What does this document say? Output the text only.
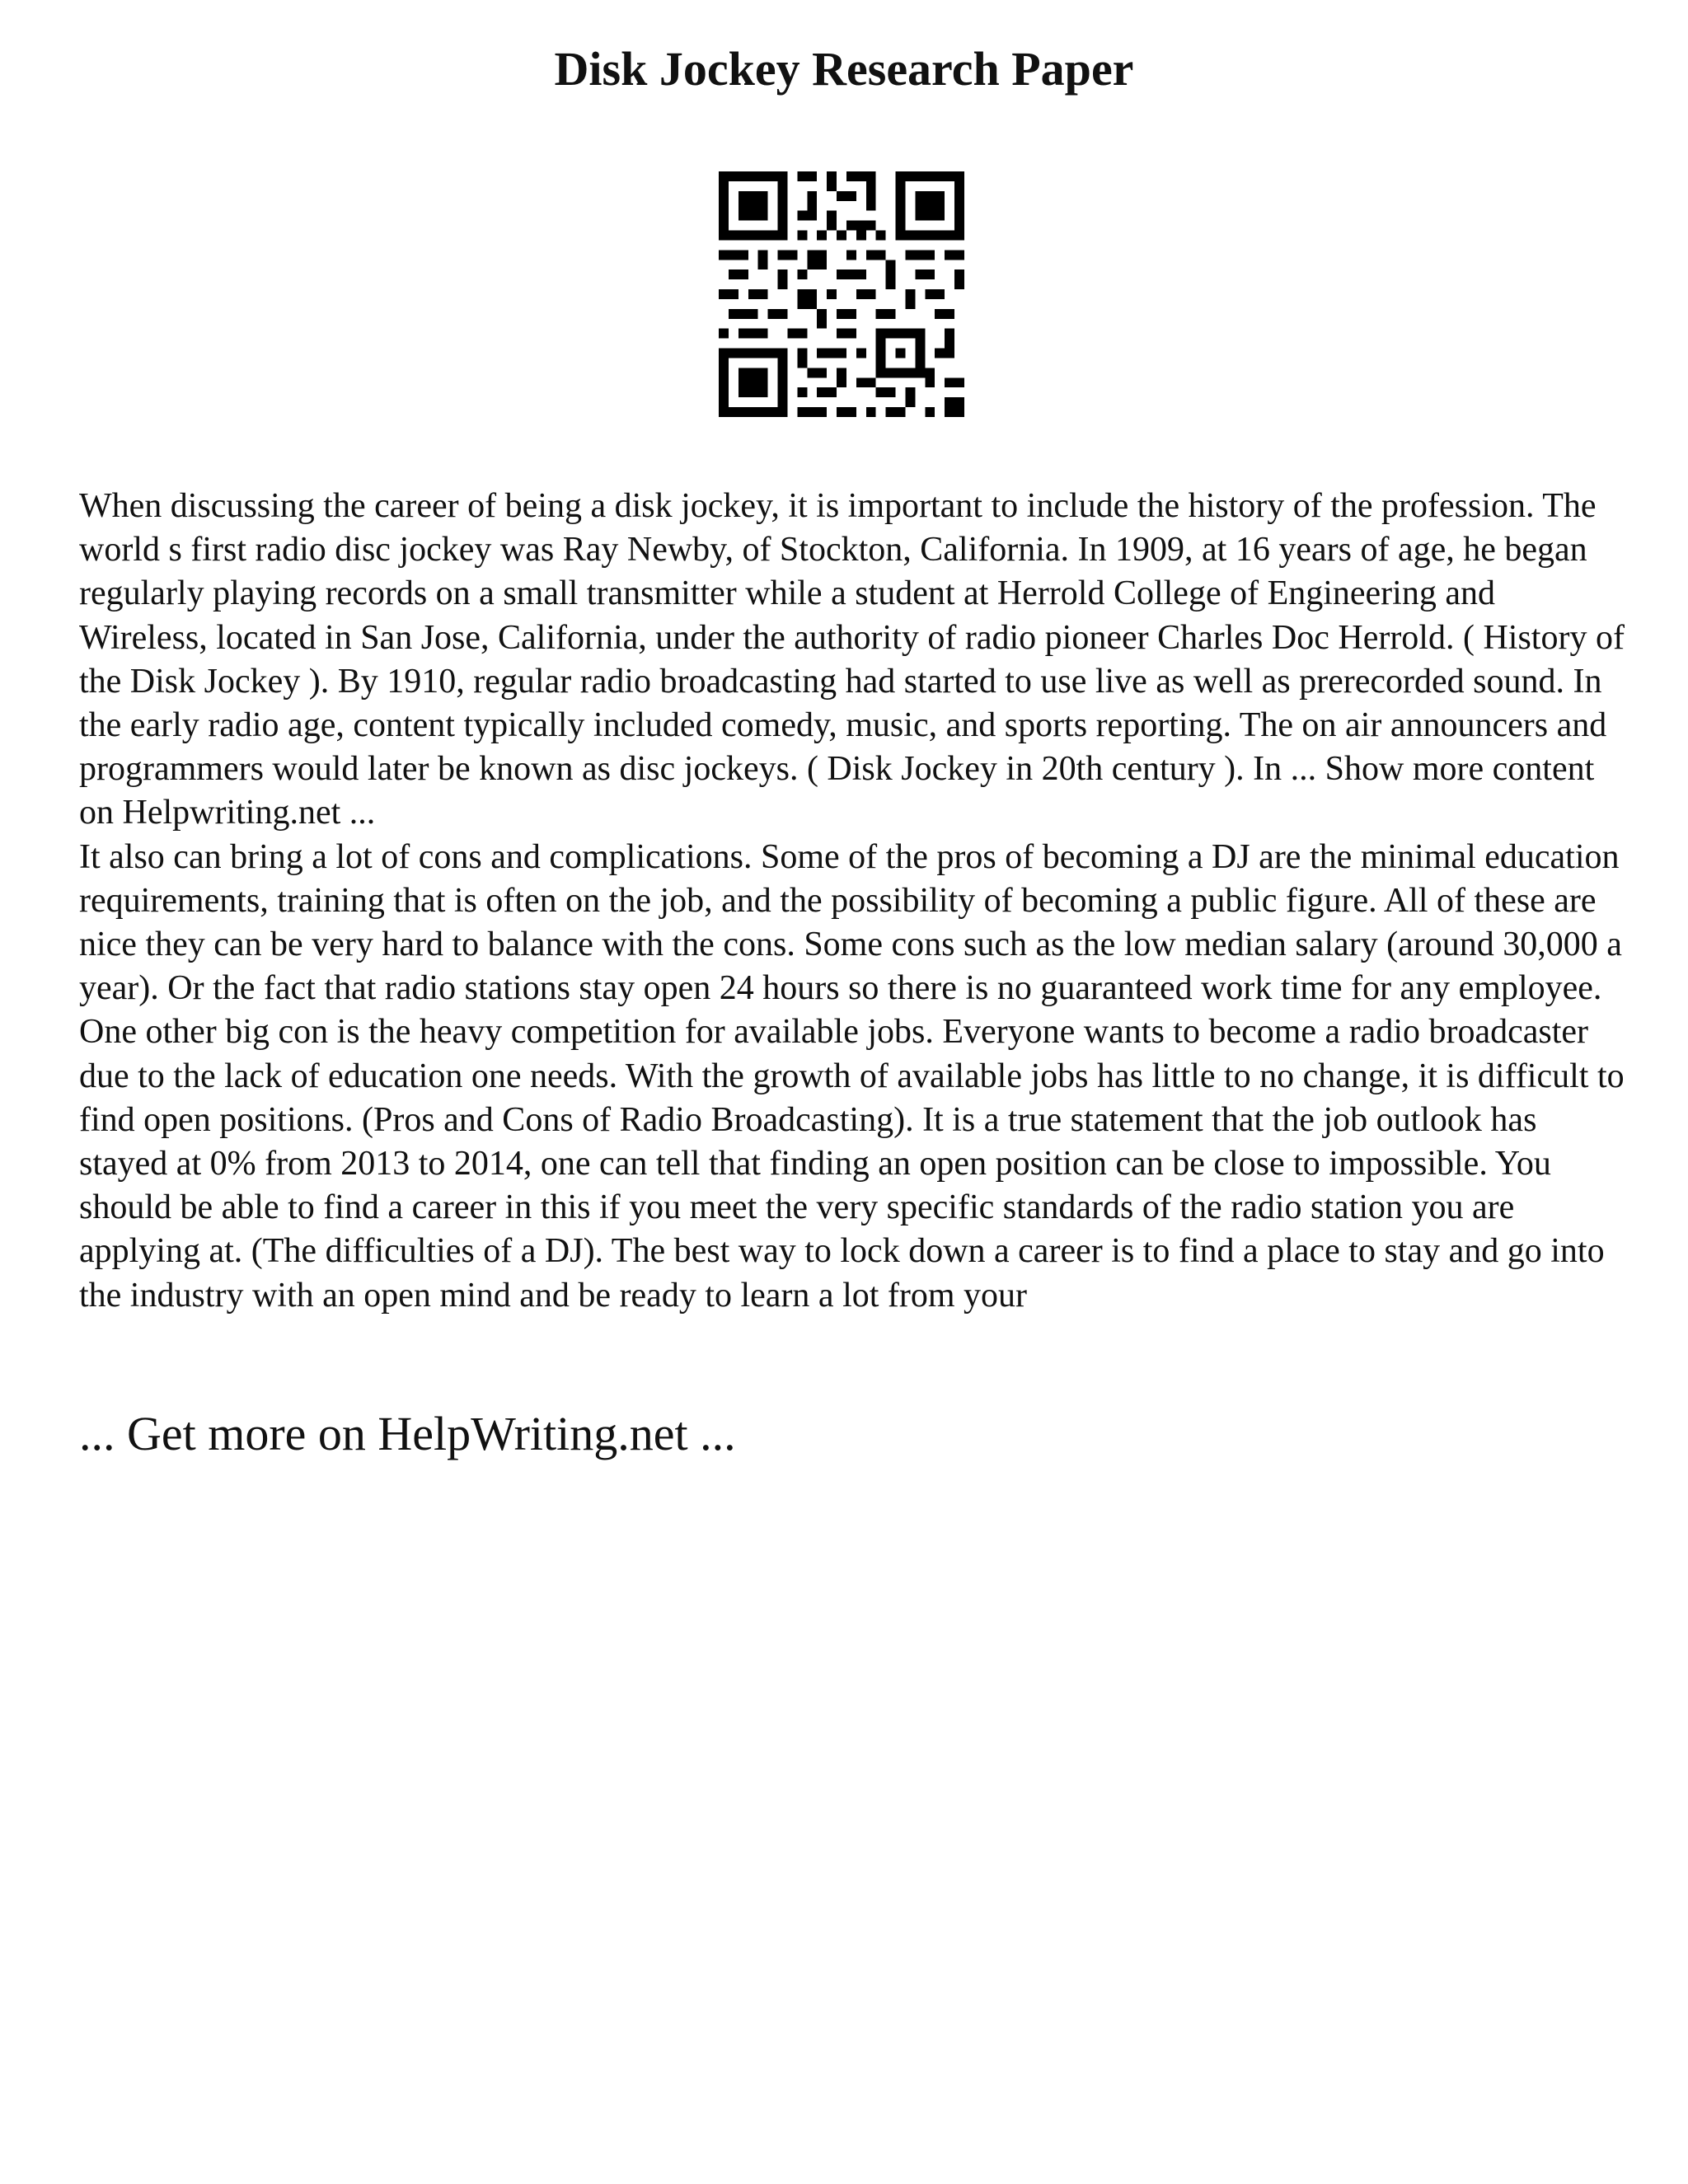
Disk Jockey Research Paper

When discussing the career of being a disk jockey, it is important to include the history of the profession. The world s first radio disc jockey was Ray Newby, of Stockton, California. In 1909, at 16 years of age, he began regularly playing records on a small transmitter while a student at Herrold College of Engineering and Wireless, located in San Jose, California, under the authority of radio pioneer Charles Doc Herrold. ( History of the Disk Jockey ). By 1910, regular radio broadcasting had started to use live as well as prerecorded sound. In the early radio age, content typically included comedy, music, and sports reporting. The on air announcers and programmers would later be known as disc jockeys. ( Disk Jockey in 20th century ). In ... Show more content on Helpwriting.net ...

It also can bring a lot of cons and complications. Some of the pros of becoming a DJ are the minimal education requirements, training that is often on the job, and the possibility of becoming a public figure. All of these are nice they can be very hard to balance with the cons. Some cons such as the low median salary (around 30,000 a year). Or the fact that radio stations stay open 24 hours so there is no guaranteed work time for any employee. One other big con is the heavy competition for available jobs. Everyone wants to become a radio broadcaster due to the lack of education one needs. With the growth of available jobs has little to no change, it is difficult to find open positions. (Pros and Cons of Radio Broadcasting). It is a true statement that the job outlook has stayed at 0% from 2013 to 2014, one can tell that finding an open position can be close to impossible. You should be able to find a career in this if you meet the very specific standards of the radio station you are applying at. (The difficulties of a DJ). The best way to lock down a career is to find a place to stay and go into the industry with an open mind and be ready to learn a lot from your

... Get more on HelpWriting.net ...
